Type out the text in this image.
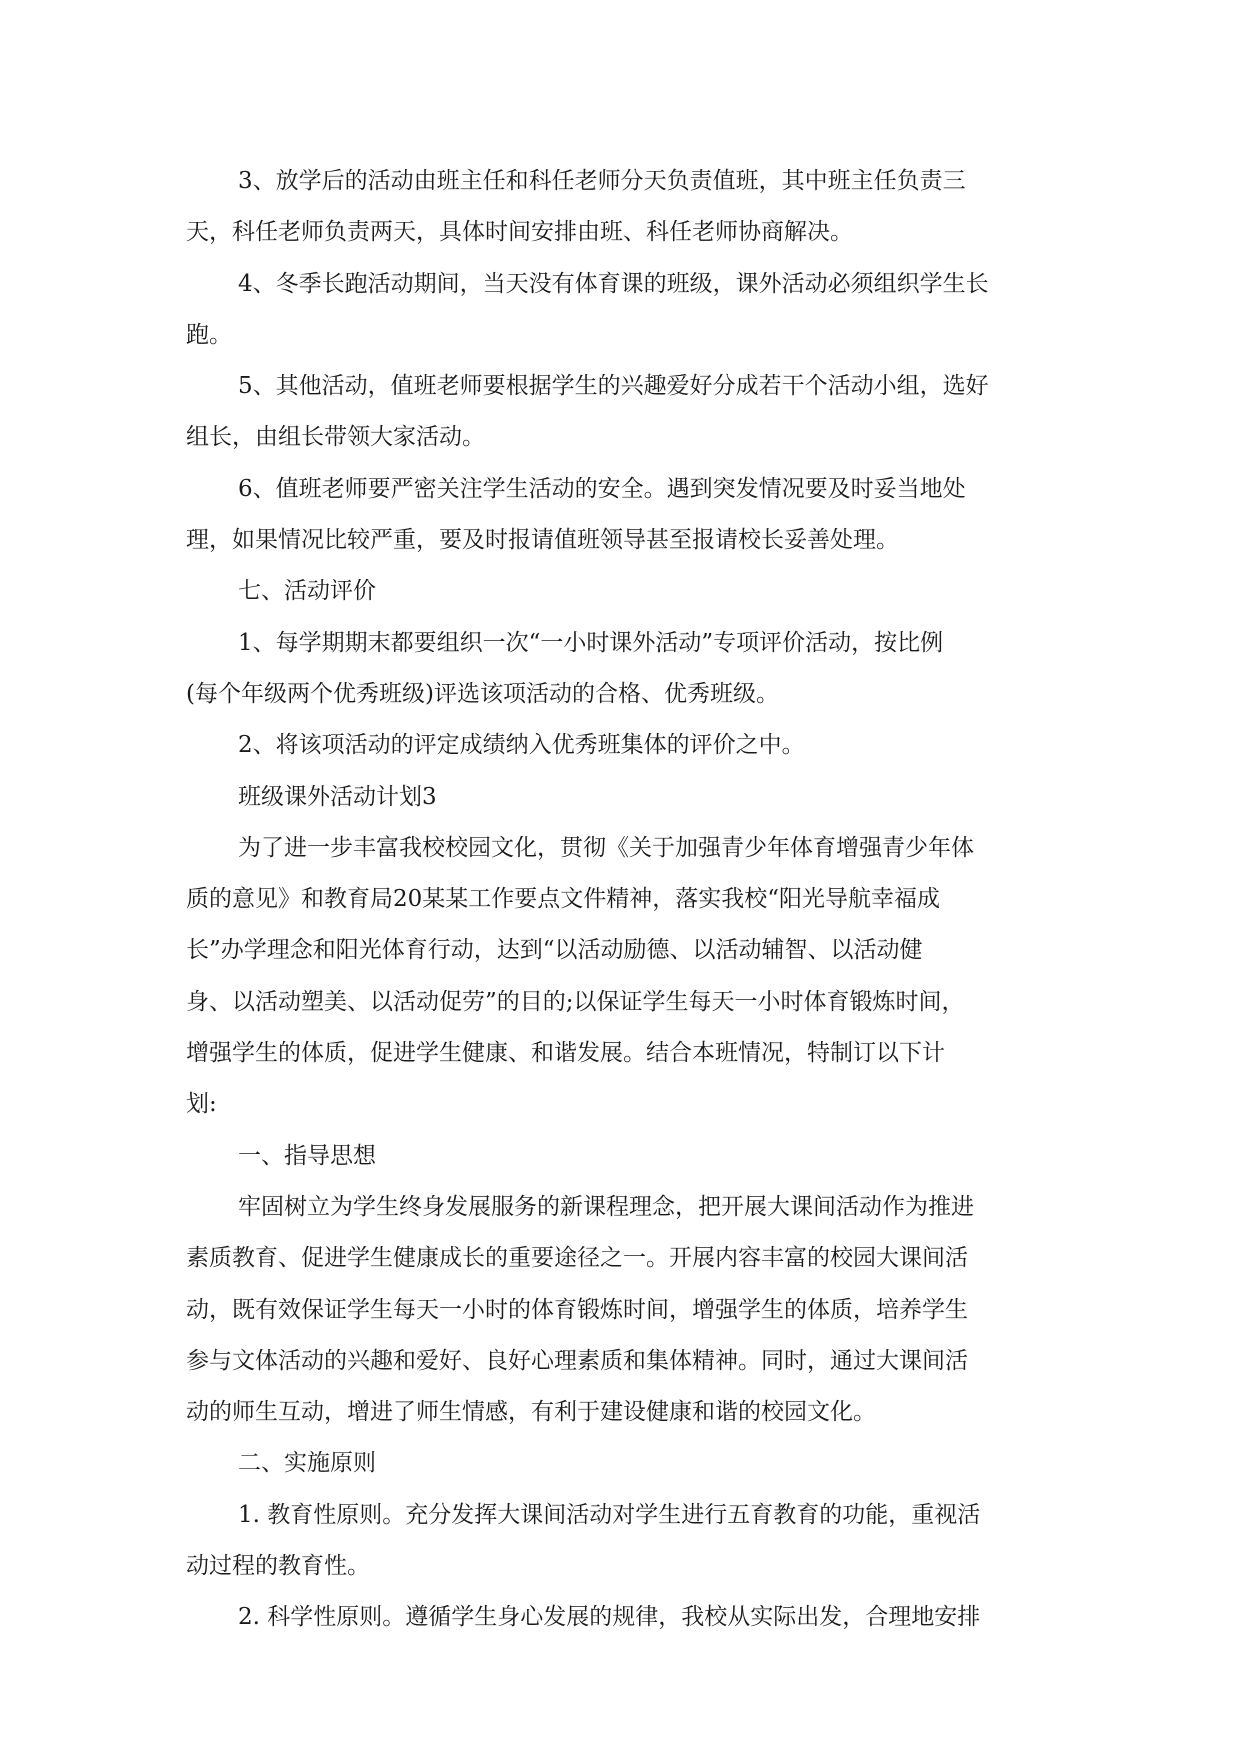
3、放学后的活动由班主任和科任老师分天负责值班，其中班主任负责三
天，科任老师负责两天，具体时间安排由班、科任老师协商解决。
4、冬季长跑活动期间，当天没有体育课的班级，课外活动必须组织学生长
跑。
5、其他活动，值班老师要根据学生的兴趣爱好分成若干个活动小组，选好
组长，由组长带领大家活动。
6、值班老师要严密关注学生活动的安全。遇到突发情况要及时妥当地处
理，如果情况比较严重，要及时报请值班领导甚至报请校长妥善处理。
七、活动评价
1、每学期期末都要组织一次“一小时课外活动”专项评价活动，按比例
(每个年级两个优秀班级)评选该项活动的合格、优秀班级。
2、将该项活动的评定成绩纳入优秀班集体的评价之中。
班级课外活动计划3
为了进一步丰富我校校园文化，贯彻《关于加强青少年体育增强青少年体
质的意见》和教育局20某某工作要点文件精神，落实我校“阳光导航幸福成
长”办学理念和阳光体育行动，达到“以活动励德、以活动辅智、以活动健
身、以活动塑美、以活动促劳”的目的;以保证学生每天一小时体育锻炼时间，
增强学生的体质，促进学生健康、和谐发展。结合本班情况，特制订以下计
划:
一、指导思想
牢固树立为学生终身发展服务的新课程理念，把开展大课间活动作为推进
素质教育、促进学生健康成长的重要途径之一。开展内容丰富的校园大课间活
动，既有效保证学生每天一小时的体育锻炼时间，增强学生的体质，培养学生
参与文体活动的兴趣和爱好、良好心理素质和集体精神。同时，通过大课间活
动的师生互动，增进了师生情感，有利于建设健康和谐的校园文化。
二、实施原则
1. 教育性原则。充分发挥大课间活动对学生进行五育教育的功能，重视活
动过程的教育性。
2. 科学性原则。遵循学生身心发展的规律，我校从实际出发，合理地安排
